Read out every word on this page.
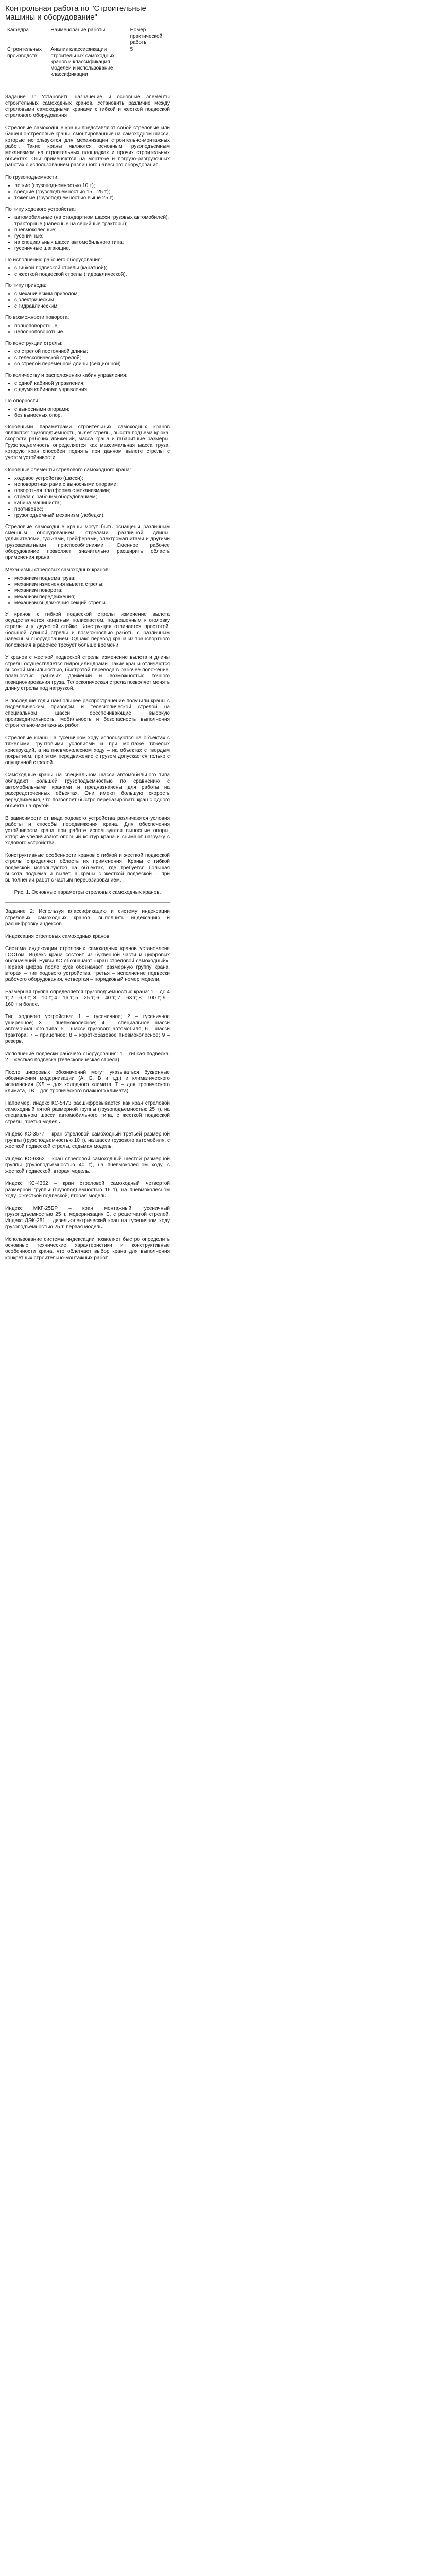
Контрольная работа по "Строительные машины и оборудование"
Кафедра	Наименование работы	Номер практической работы
Строительных производств	Анализ классификации строительных самоходных кранов и классификация моделей и использование классификации	5

Задание 1: Установить назначение и основные элементы строительных самоходных кранов. Установить различие между стреловыми самоходными кранами с гибкой и жесткой подвеской стрелового оборудования

Стреловые самоходные краны представляют собой стреловые или башенно-стреловые краны, смонтированные на самоходном шасси, которые используются для механизации строительно-монтажных работ. Такие краны являются основным грузоподъемным механизмом на строительных площадках и прочих строительных объектах. Они применяются на монтаже и погрузо-разгрузочных работах с использованием различного навесного оборудования.

По грузоподъемности:
• легкие (грузоподъемностью 10 т);
• средние (грузоподъемностью 15…25 т);
• тяжелые (грузоподъемностью выше 25 т).
По типу ходового устройства:
• автомобильные (на стандартном шасси грузовых автомобилей), тракторные (навесные на серийные тракторы);
• пневмоколесные;
• гусеничные;
• на специальных шасси автомобильного типа;
• гусеничные шагающие.
По исполнению рабочего оборудования:
• с гибкой подвеской стрелы (канатной);
• с жесткой подвеской стрелы (гидравлической).
По типу привода:
• с механическим приводом;
• с электрическим;
• с гидравлическим.
По возможности поворота:
• полноповоротные;
• неполноповоротные.
По конструкции стрелы:
• со стрелой постоянной длины;
• с телескопической стрелой;
• со стрелой переменной длины (секционной).
По количеству и расположению кабин управления:
• с одной кабиной управления;
• с двумя кабинами управления.
По опорности:
• с выносными опорами;
• без выносных опор.

Основными параметрами строительных самоходных кранов являются: грузоподъемность, вылет стрелы, высота подъема крюка, скорости рабочих движений, масса крана и габаритные размеры. Грузоподъемность определяется как максимальная масса груза, которую кран способен поднять при данном вылете стрелы с учетом устойчивости.

Основные элементы стрелового самоходного крана:
• ходовое устройство (шасси);
• неповоротная рама с выносными опорами;
• поворотная платформа с механизмами;
• стрела с рабочим оборудованием;
• кабина машиниста;
• противовес;
• грузоподъемный механизм (лебедки).

Стреловые самоходные краны могут быть оснащены различным сменным оборудованием: стрелами различной длины, удлинителями, гуськами, грейферами, электромагнитами и другими грузозахватными приспособлениями. Сменное рабочее оборудование позволяет значительно расширить область применения крана.

Механизмы стреловых самоходных кранов:
• механизм подъема груза;
• механизм изменения вылета стрелы;
• механизм поворота;
• механизм передвижения;
• механизм выдвижения секций стрелы.

У кранов с гибкой подвеской стрелы изменение вылета осуществляется канатным полиспастом, подвешенным к оголовку стрелы и к двуногой стойке. Конструкция отличается простотой, большой длиной стрелы и возможностью работы с различным навесным оборудованием. Однако перевод крана из транспортного положения в рабочее требует больше времени.

У кранов с жесткой подвеской стрелы изменение вылета и длины стрелы осуществляется гидроцилиндрами. Такие краны отличаются высокой мобильностью, быстротой перевода в рабочее положение, плавностью рабочих движений и возможностью точного позиционирования груза. Телескопическая стрела позволяет менять длину стрелы под нагрузкой.

В последние годы наибольшее распространение получили краны с гидравлическим приводом и телескопической стрелой на специальном шасси, обеспечивающие высокую производительность, мобильность и безопасность выполнения строительно-монтажных работ.

Стреловые краны на гусеничном ходу используются на объектах с тяжелыми грунтовыми условиями и при монтаже тяжелых конструкций, а на пневмоколесном ходу – на объектах с твердым покрытием, при этом передвижение с грузом допускается только с опущенной стрелой.

Самоходные краны на специальном шасси автомобильного типа обладают большей грузоподъемностью по сравнению с автомобильными кранами и предназначены для работы на рассредоточенных объектах. Они имеют большую скорость передвижения, что позволяет быстро перебазировать кран с одного объекта на другой.

В зависимости от вида ходового устройства различаются условия работы и способы передвижения крана. Для обеспечения устойчивости крана при работе используются выносные опоры, которые увеличивают опорный контур крана и снимают нагрузку с ходового устройства.

Конструктивные особенности кранов с гибкой и жесткой подвеской стрелы определяют область их применения. Краны с гибкой подвеской используются на объектах, где требуется большая высота подъема и вылет, а краны с жесткой подвеской – при выполнении работ с частым перебазированием.

Рис. 1. Основные параметры стреловых самоходных кранов.

Задание 2: Используя классификацию и систему индексации стреловых самоходных кранов, выполнить индексацию и расшифровку индексов.

Индексация стреловых самоходных кранов.

Система индексации стреловых самоходных кранов установлена ГОСТом. Индекс крана состоит из буквенной части и цифровых обозначений. Буквы КС обозначают «кран стреловой самоходный». Первая цифра после букв обозначает размерную группу крана, вторая – тип ходового устройства, третья – исполнение подвески рабочего оборудования, четвертая – порядковый номер модели.

Размерная группа определяется грузоподъемностью крана: 1 – до 4 т; 2 – 6,3 т; 3 – 10 т; 4 – 16 т; 5 – 25 т; 6 – 40 т; 7 – 63 т; 8 – 100 т; 9 – 160 т и более.

Тип ходового устройства: 1 – гусеничное; 2 – гусеничное уширенное; 3 – пневмоколесное; 4 – специальное шасси автомобильного типа; 5 – шасси грузового автомобиля; 6 – шасси трактора; 7 – прицепное; 8 – короткобазовое пневмоколесное; 9 – резерв.

Исполнение подвески рабочего оборудования: 1 – гибкая подвеска; 2 – жесткая подвеска (телескопическая стрела).

После цифровых обозначений могут указываться буквенные обозначения модернизации (А, Б, В и т.д.) и климатического исполнения (ХЛ – для холодного климата, Т – для тропического климата, ТВ – для тропического влажного климата).

Например, индекс КС-5473 расшифровывается как кран стреловой самоходный пятой размерной группы (грузоподъемностью 25 т), на специальном шасси автомобильного типа, с жесткой подвеской стрелы, третья модель.

Индекс КС-3577 – кран стреловой самоходный третьей размерной группы (грузоподъемностью 10 т), на шасси грузового автомобиля, с жесткой подвеской стрелы, седьмая модель.

Индекс КС-6362 – кран стреловой самоходный шестой размерной группы (грузоподъемностью 40 т), на пневмоколесном ходу, с жесткой подвеской, вторая модель.

Индекс КС-4362 – кран стреловой самоходный четвертой размерной группы (грузоподъемностью 16 т), на пневмоколесном ходу, с жесткой подвеской, вторая модель.

Индекс МКГ-25БР – кран монтажный гусеничный грузоподъемностью 25 т, модернизация Б, с решетчатой стрелой. Индекс ДЭК-251 – дизель-электрический кран на гусеничном ходу грузоподъемностью 25 т, первая модель.

Использование системы индексации позволяет быстро определить основные технические характеристики и конструктивные особенности крана, что облегчает выбор крана для выполнения конкретных строительно-монтажных работ.
